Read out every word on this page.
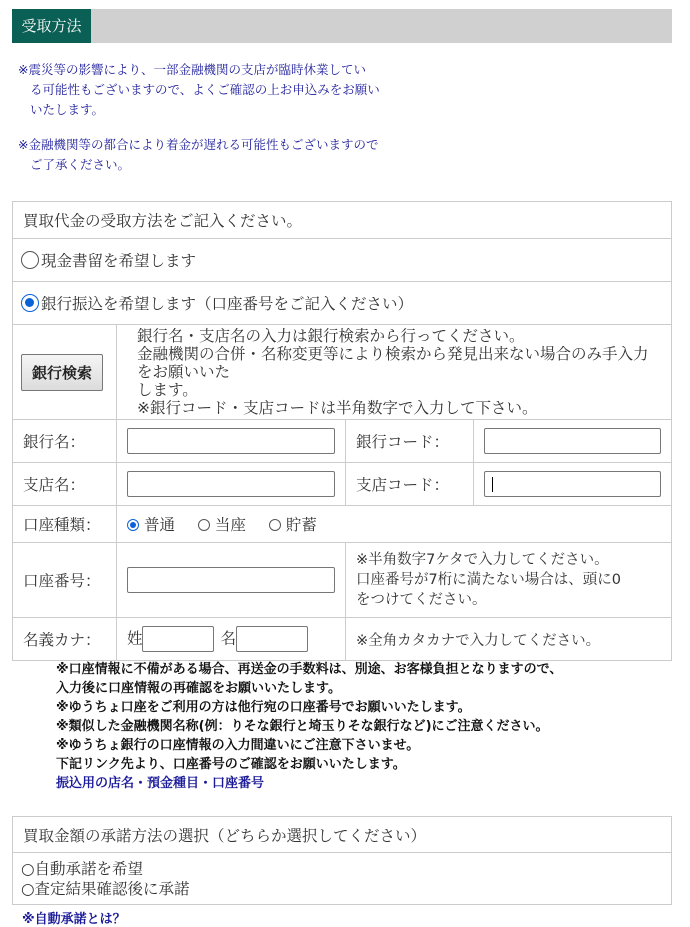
受取方法
※震災等の影響により、一部金融機関の支店が臨時休業してい
る可能性もございますので、よくご確認の上お申込みをお願い
いたします。
※金融機関等の都合により着金が遅れる可能性もございますので
ご了承ください。
買取代金の受取方法をご記入ください。			
現金書留を希望します			
銀行振込を希望します（口座番号をご記入ください）			
銀行検索	銀行名・支店名の入力は銀行検索から行ってください。
金融機関の合併・名称変更等により検索から発見出来ない場合のみ手入力をお願いいた
します。
※銀行コード・支店コードは半角数字で入力して下さい。		

銀行名：		銀行コード：	
支店名：		支店コード：	

口座種類：	普通 当座 貯蓄		
口座番号：		※半角数字7ケタで入力してください。
口座番号が7桁に満たない場合は、頭に0
をつけてください。	

名義カナ：	姓 名	※全角カタカナで入力してください。	
※口座情報に不備がある場合、再送金の手数料は、別途、お客様負担となりますので、
入力後に口座情報の再確認をお願いいたします。
※ゆうちょ口座をご利用の方は他行宛の口座番号でお願いいたします。
※類似した金融機関名称(例：りそな銀行と埼玉りそな銀行など)にご注意ください。
※ゆうちょ銀行の口座情報の入力間違いにご注意下さいませ。
下記リンク先より、口座番号のご確認をお願いいたします。
振込用の店名・預金種目・口座番号
買取金額の承諾方法の選択（どちらか選択してください）

○自動承諾を希望
○査定結果確認後に承諾
※自動承諾とは？
